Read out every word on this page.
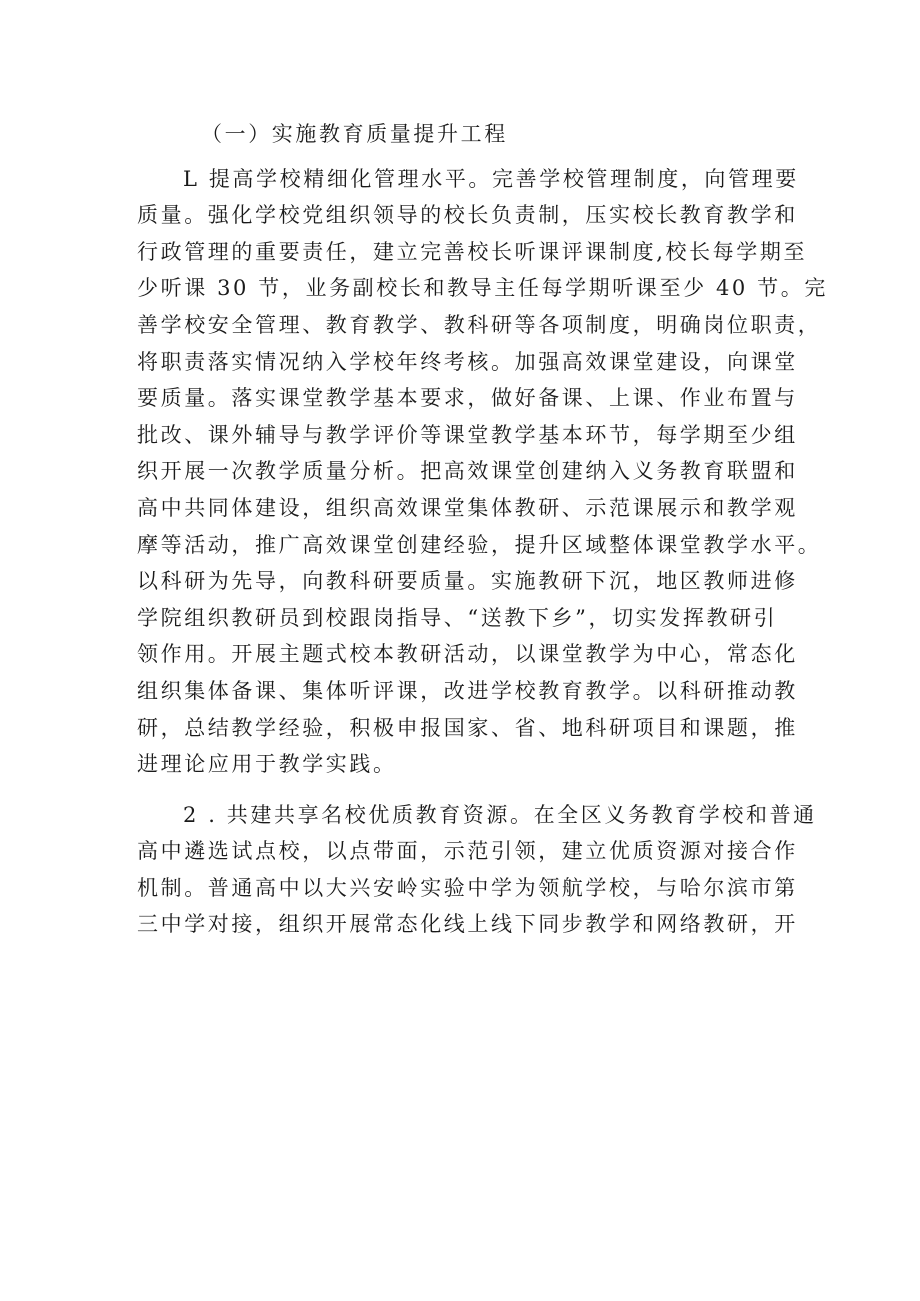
（一）实施教育质量提升工程
L 提高学校精细化管理水平。完善学校管理制度，向管理要
质量。强化学校党组织领导的校长负责制，压实校长教育教学和
行政管理的重要责任，建立完善校长听课评课制度,校长每学期至
少听课 30 节，业务副校长和教导主任每学期听课至少 40 节。完
善学校安全管理、教育教学、教科研等各项制度，明确岗位职责，
将职责落实情况纳入学校年终考核。加强高效课堂建设，向课堂
要质量。落实课堂教学基本要求，做好备课、上课、作业布置与
批改、课外辅导与教学评价等课堂教学基本环节，每学期至少组
织开展一次教学质量分析。把高效课堂创建纳入义务教育联盟和
高中共同体建设，组织高效课堂集体教研、示范课展示和教学观
摩等活动，推广高效课堂创建经验，提升区域整体课堂教学水平。
以科研为先导，向教科研要质量。实施教研下沉，地区教师进修
学院组织教研员到校跟岗指导、“送教下乡”，切实发挥教研引
领作用。开展主题式校本教研活动，以课堂教学为中心，常态化
组织集体备课、集体听评课，改进学校教育教学。以科研推动教
研，总结教学经验，积极申报国家、省、地科研项目和课题，推
进理论应用于教学实践。
2 . 共建共享名校优质教育资源。在全区义务教育学校和普通
高中遴选试点校，以点带面，示范引领，建立优质资源对接合作
机制。普通高中以大兴安岭实验中学为领航学校，与哈尔滨市第
三中学对接，组织开展常态化线上线下同步教学和网络教研，开
